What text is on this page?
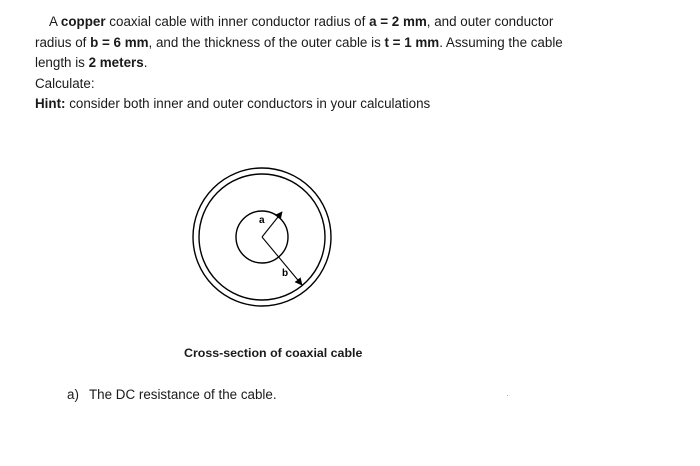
A copper coaxial cable with inner conductor radius of a = 2 mm, and outer conductor radius of b = 6 mm, and the thickness of the outer cable is t = 1 mm. Assuming the cable length is 2 meters.

Calculate:

Hint: consider both inner and outer conductors in your calculations

a
b
Cross-section of coaxial cable
a) The DC resistance of the cable.
